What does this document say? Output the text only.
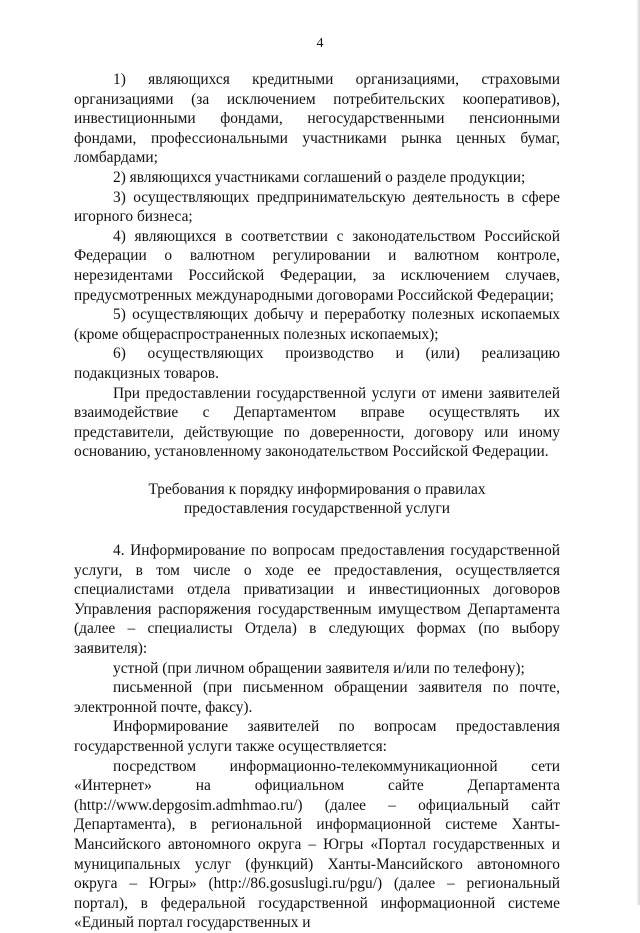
4

1) являющихся кредитными организациями, страховыми организациями (за исключением потребительских кооперативов), инвестиционными фондами, негосударственными пенсионными фондами, профессиональными участниками рынка ценных бумаг, ломбардами;

2) являющихся участниками соглашений о разделе продукции;

3) осуществляющих предпринимательскую деятельность в сфере игорного бизнеса;

4) являющихся в соответствии с законодательством Российской Федерации о валютном регулировании и валютном контроле, нерезидентами Российской Федерации, за исключением случаев, предусмотренных международными договорами Российской Федерации;

5) осуществляющих добычу и переработку полезных ископаемых (кроме общераспространенных полезных ископаемых);

6) осуществляющих производство и (или) реализацию подакцизных товаров.

При предоставлении государственной услуги от имени заявителей взаимодействие с Департаментом вправе осуществлять их представители, действующие по доверенности, договору или иному основанию, установленному законодательством Российской Федерации.

Требования к порядку информирования о правилах
предоставления государственной услуги

4. Информирование по вопросам предоставления государственной услуги, в том числе о ходе ее предоставления, осуществляется специалистами отдела приватизации и инвестиционных договоров Управления распоряжения государственным имуществом Департамента (далее – специалисты Отдела) в следующих формах (по выбору заявителя):

устной (при личном обращении заявителя и/или по телефону);

письменной (при письменном обращении заявителя по почте, электронной почте, факсу).

Информирование заявителей по вопросам предоставления государственной услуги также осуществляется:

посредством информационно-телекоммуникационной сети «Интернет» на официальном сайте Департамента (http://www.depgosim.admhmao.ru/) (далее – официальный сайт Департамента), в региональной информационной системе Ханты-Мансийского автономного округа – Югры «Портал государственных и муниципальных услуг (функций) Ханты-Мансийского автономного округа – Югры» (http://86.gosuslugi.ru/pgu/) (далее – региональный портал), в федеральной государственной информационной системе «Единый портал государственных и
